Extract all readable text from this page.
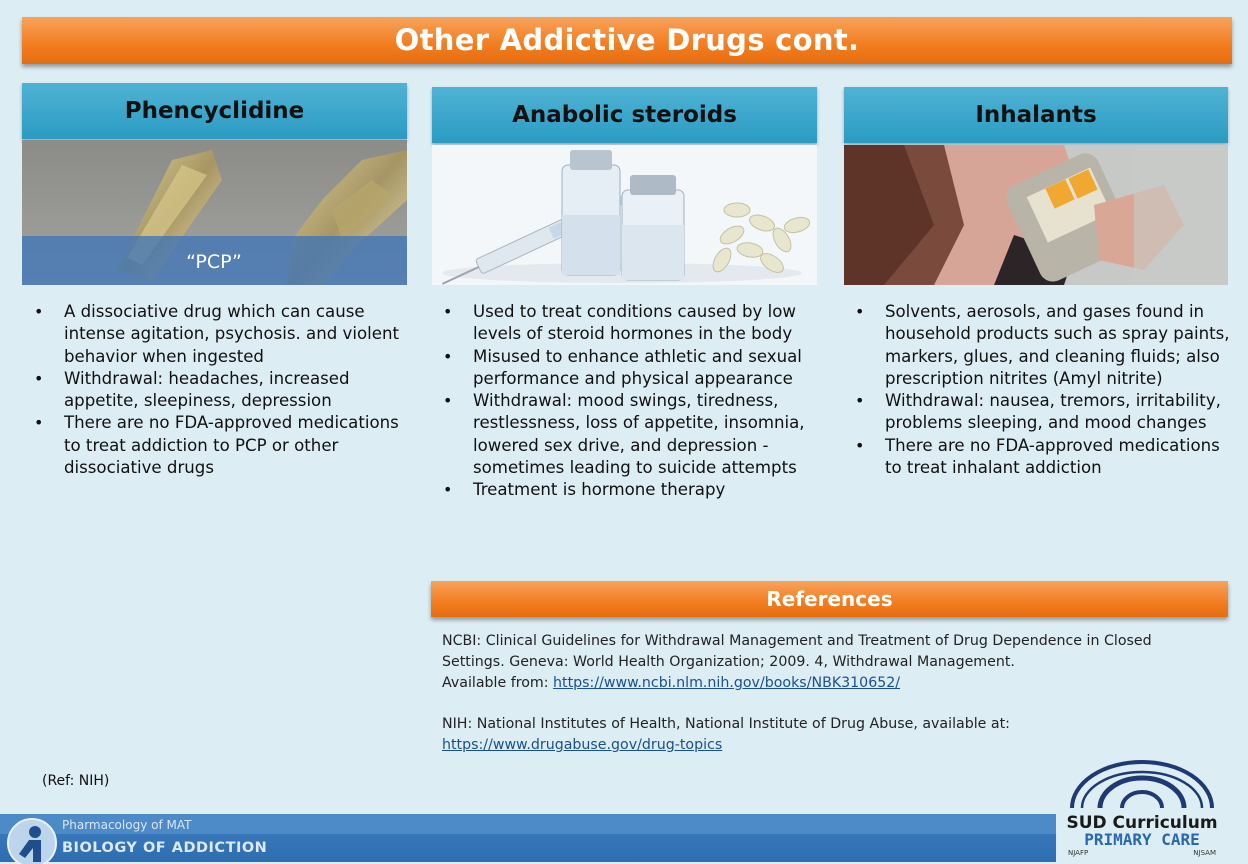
Other Addictive Drugs cont.
Phencyclidine
“PCP”
• A dissociative drug which can cause intense agitation, psychosis. and violent behavior when ingested
• Withdrawal: headaches, increased appetite, sleepiness, depression
• There are no FDA-approved medications to treat addiction to PCP or other dissociative drugs
Anabolic steroids
• Used to treat conditions caused by low levels of steroid hormones in the body
• Misused to enhance athletic and sexual performance and physical appearance
• Withdrawal: mood swings, tiredness, restlessness, loss of appetite, insomnia, lowered sex drive, and depression - sometimes leading to suicide attempts
• Treatment is hormone therapy
Inhalants
• Solvents, aerosols, and gases found in household products such as spray paints, markers, glues, and cleaning fluids; also prescription nitrites (Amyl nitrite)
• Withdrawal: nausea, tremors, irritability, problems sleeping, and mood changes
• There are no FDA-approved medications to treat inhalant addiction
References
NCBI: Clinical Guidelines for Withdrawal Management and Treatment of Drug Dependence in Closed
Settings. Geneva: World Health Organization; 2009. 4, Withdrawal Management.
Available from: https://www.ncbi.nlm.nih.gov/books/NBK310652/
NIH: National Institutes of Health, National Institute of Drug Abuse, available at:
https://www.drugabuse.gov/drug-topics
(Ref: NIH)
Pharmacology of MAT
BIOLOGY OF ADDICTION
SUD Curriculum
PRIMARY CARE
NJAFP	NJSAM
